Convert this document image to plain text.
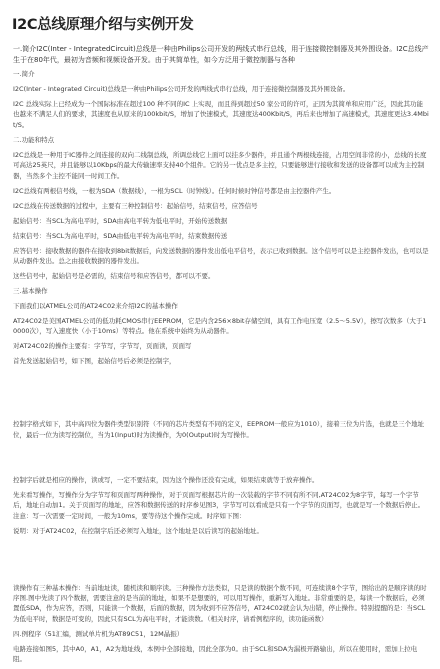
I2C总线原理介绍与实例开发
一.简介I2C(Inter - IntegratedCircuit)总线是一种由Philips公司开发的两线式串行总线，用于连接微控制器及其外围设备。I2C总线产生于在80年代，最初为音频和视频设备开发。由于其简单性，如今方泛用于微控制器与各种
一.简介
I2C(Inter - Integrated Circuit)总线是一种由Philips公司开发的两线式串行总线，用于连接微控制器及其外围设备。
I2C 总线实际上已经成为一个国际标准在超过100 种不同的IC 上实现，而且得到超过50 家公司的许可，正因为其简单和应用广泛，因此其功能也越来不满足人们的要求，其速度也从原来的100kbit/S，增加了快速模式，其速度达400Kbit/S，再后来也增加了高速模式，其速度更达3.4Mbit/S。
二.功能和特点
I2C总线是一种用于IC器件之间连接的双向二线制总线，所调总线它上面可以挂多少器件，并且通个两根线连接，占用空间非常的小，总线的长度可高达25英尺，并且能够以10Kbps的最大传输速率支持40个组件。它的另一优点是多主控，只要能够进行接收和发送的设备都可以成为主控制器，当然多个主控不能同一时间工作。
I2C总线有两根信号线，一根为SDA（数据线），一根为SCL（时钟线）。任何时候时钟信号都是由主控器件产生。
I2C总线在传送数据的过程中，主要有三种控制信号：起始信号，结束信号，应答信号
起始信号：当SCL为高电平时，SDA由高电平转为低电平时，开始传送数据
结束信号：当SCL为高电平时，SDA由低电平转为高电平时，结束数据传送
应答信号：接收数据的器件在接收到8bit数据后，向发送数据的器件发出低电平信号，表示已收到数据。这个信号可以是主控器件发出，也可以是从动器件发出。总之由接收数据的器件发出。
这些信号中，起始信号是必需的，结束信号和应答信号，都可以不要。
三.基本操作
下面我们以ATMEL公司的AT24C02来介绍I2C的基本操作
AT24C02是美国ATMEL公司的低功耗CMOS串行EEPROM，它是内含256×8bit存储空间，具有工作电压宽（2.5～5.5V），擦写次数多（大于10000次），写入速度快（小于10ms）等特点。他在系统中始终为从动器件。
对AT24C02的操作主要有：字节写，字节写，页面读，页面写
首先发送起始信号，如下图，起始信号后必须是控制字，
控制字格式如下，其中高四位为器件类型识别符（不同的芯片类型有不同的定义，EEPROM一般应为1010），接着三位为片选，也就是三个地址位，最后一位为读写控制位，当为1(Input)时为读操作，为0(Output)时为写操作。
控制字后就是相应的操作，读或写，一定不要结束，因为这个操作还没有完成，如果结束就等于放弃操作。
先来看写操作，写操作分为字节写和页面写两种操作，对于页面写根据芯片的一次装载的字节不同有所不同,AT24C02为8字节，每写一个字节后，地址自动加1。关于页面写的地址，应答和数据传送的时序参见图3，字节写可以看成是只有一个字节的页面写，也就是写一个数据后停止。注意：写一次需要一定时间，一般为10ms，要等待这个操作完成。时序如下图：
说明：对于AT24C02，在控制字后还必须写入地址，这个地址是以后读写的起始地址。
读操作有三种基本操作：当前地址读，随机读和顺序读。三种操作方法类似，只是读的数据个数不同，可连续读8个字节，图给出的是顺序读的时序图.图中先读了四个数据，需要注意的是当前的地址，如果不是想要的，可以用写操作，重新写入地址。非常重要的是，每读一个数据后，必须置低SDA，作为应答，否则，只能读一个数据，后面的数据，因为收到不应答信号，AT24C02就会认为出错，停止操作。特别提醒的是：当SCL为低电平时，数据是可变的，因此只有SCL为高电平时，才能读数。（相关时序，请看例程序的，读功能函数）
四.例程序（51汇编，测试单片机为AT89C51，12M晶振）
电路连接如图5，其中A0，A1，A2为地址线，本例中全部接地，因此全部为0。由于SCL和SDA为漏极开路输出，所以在使用时，需加上拉电阻。
